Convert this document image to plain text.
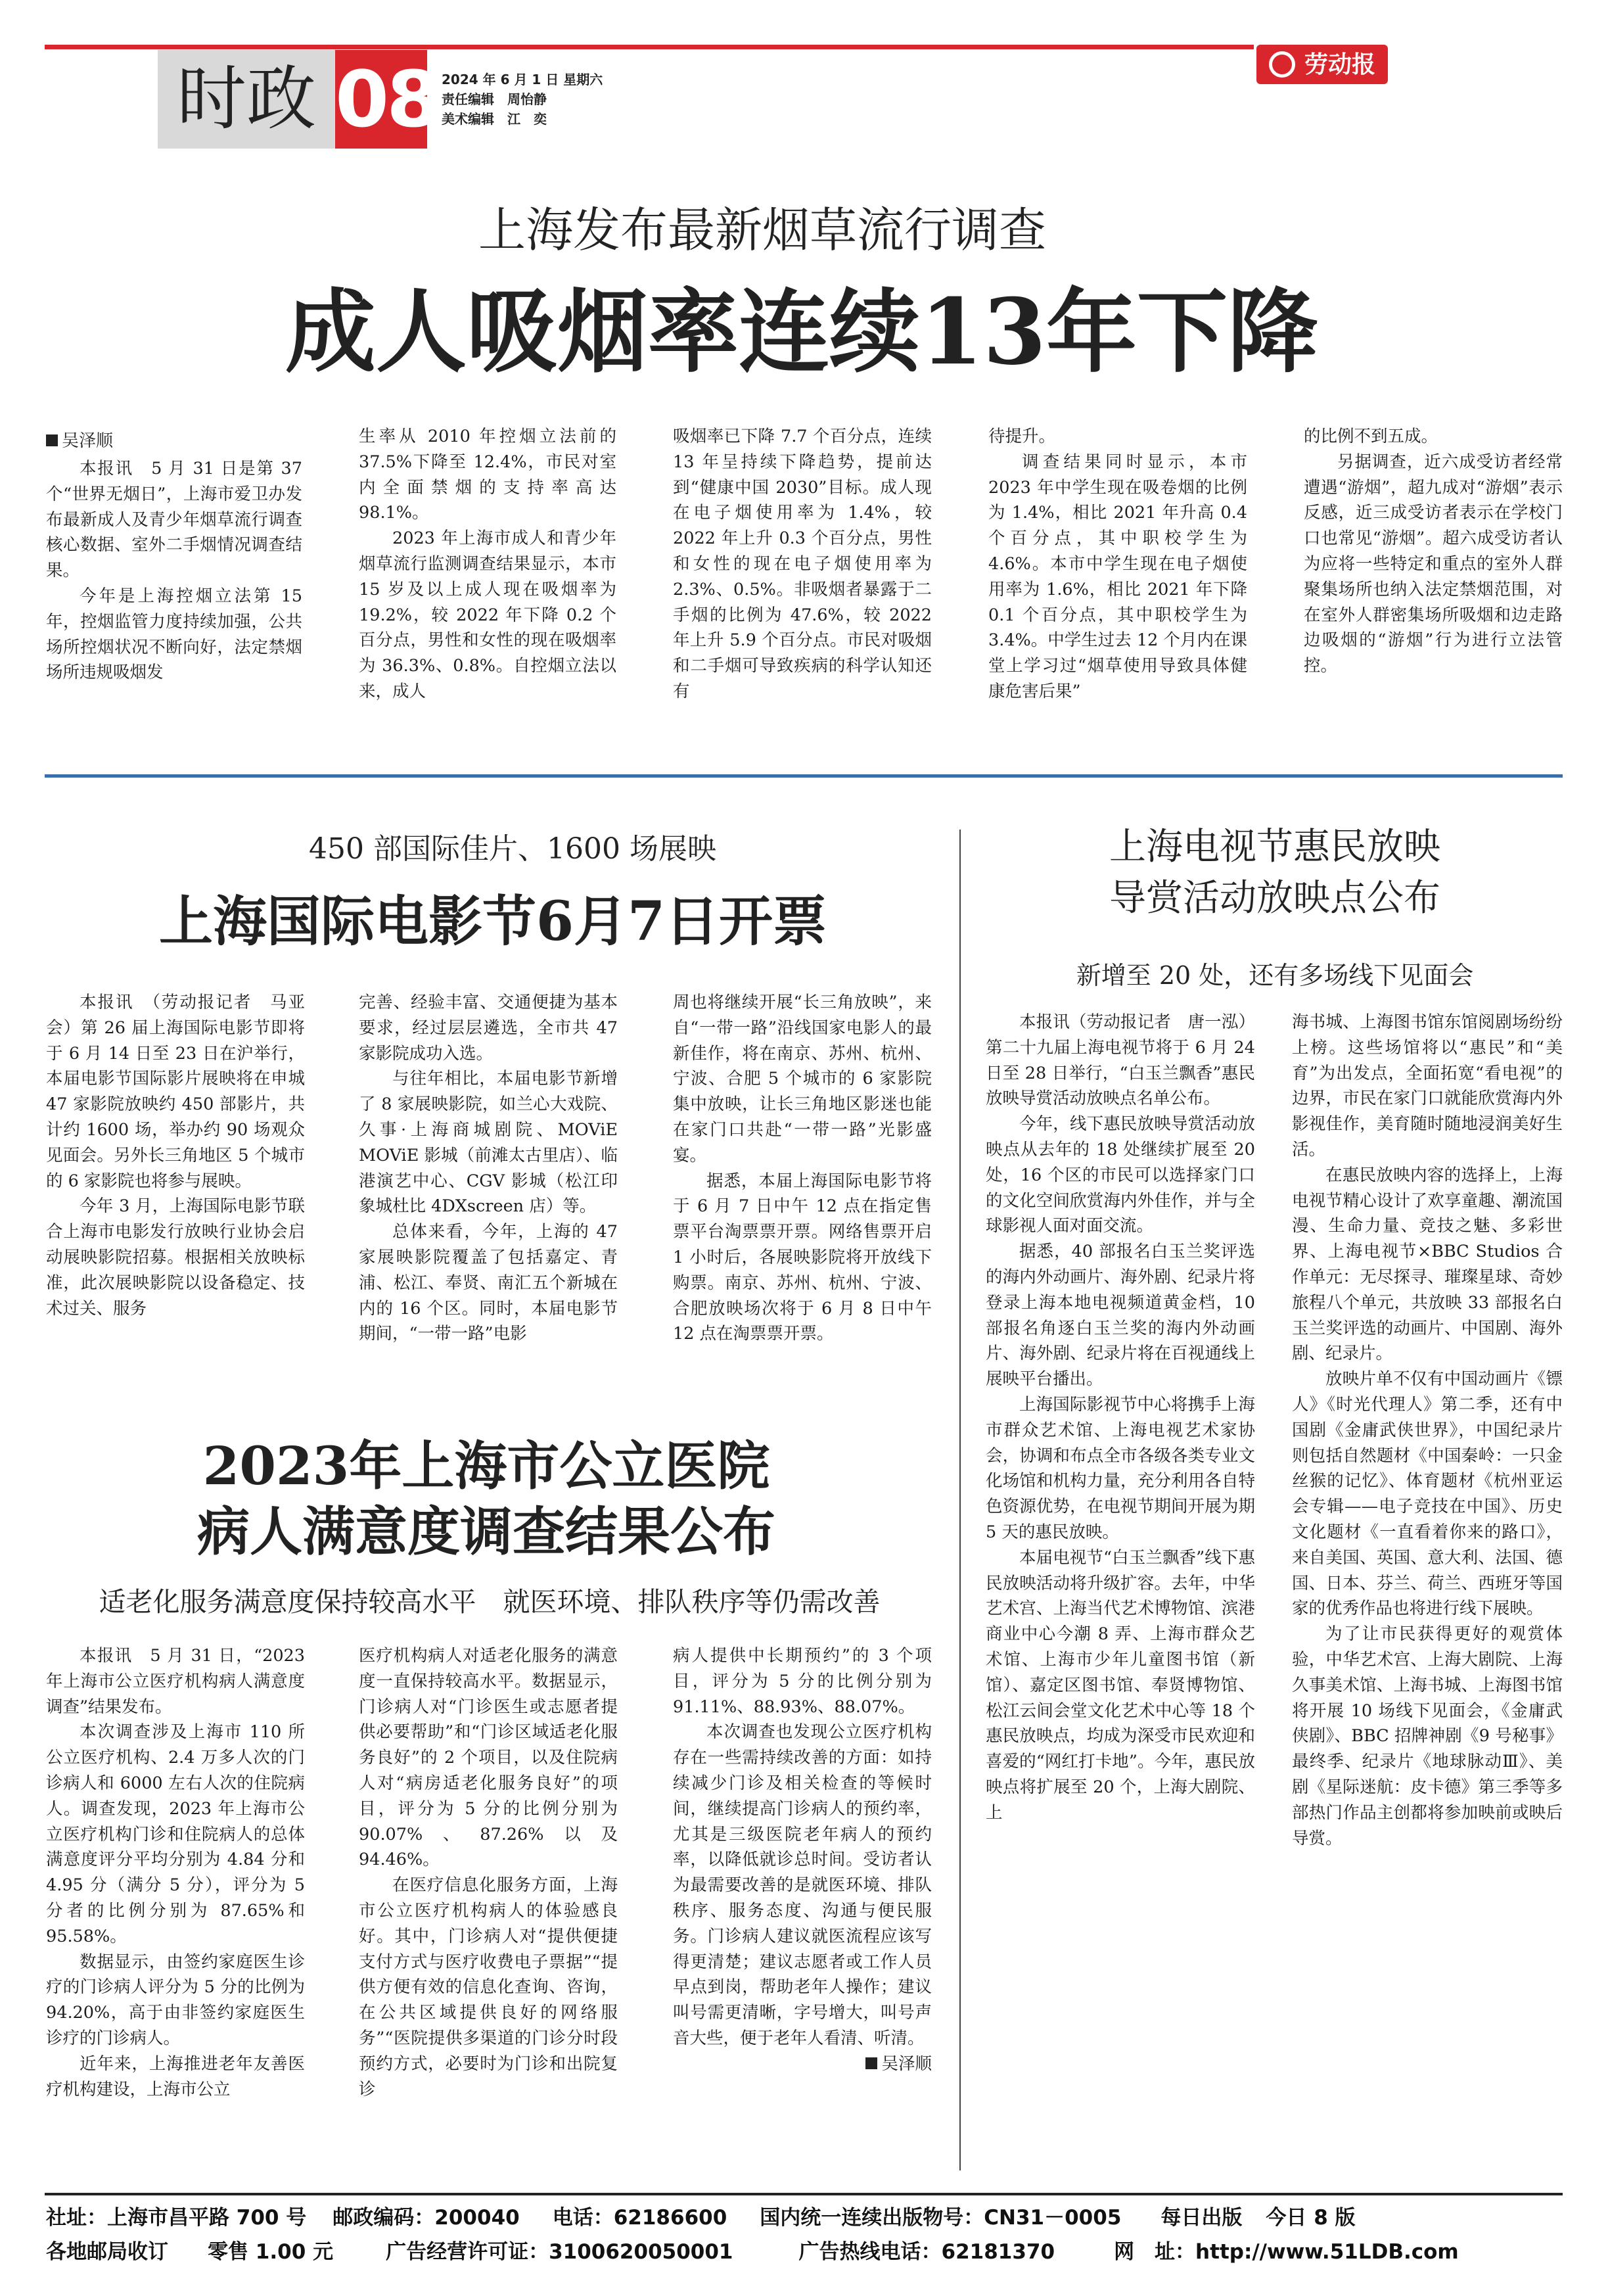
时政 08 2024 年 6 月 1 日 星期六
责任编辑　周怡静
美术编辑　江　奕
劳动报
上海发布最新烟草流行调查
成人吸烟率连续13年下降
吴泽顺

本报讯　5 月 31 日是第 37 个“世界无烟日”，上海市爱卫办发布最新成人及青少年烟草流行调查核心数据、室外二手烟情况调查结果。

今年是上海控烟立法第 15 年，控烟监管力度持续加强，公共场所控烟状况不断向好，法定禁烟场所违规吸烟发

生率从 2010 年控烟立法前的 37.5%下降至 12.4%，市民对室内全面禁烟的支持率高达 98.1%。

2023 年上海市成人和青少年烟草流行监测调查结果显示，本市 15 岁及以上成人现在吸烟率为 19.2%，较 2022 年下降 0.2 个百分点，男性和女性的现在吸烟率为 36.3%、0.8%。自控烟立法以来，成人

吸烟率已下降 7.7 个百分点，连续 13 年呈持续下降趋势，提前达到“健康中国 2030”目标。成人现在电子烟使用率为 1.4%，较 2022 年上升 0.3 个百分点，男性和女性的现在电子烟使用率为 2.3%、0.5%。非吸烟者暴露于二手烟的比例为 47.6%，较 2022 年上升 5.9 个百分点。市民对吸烟和二手烟可导致疾病的科学认知还有

待提升。

调查结果同时显示，本市 2023 年中学生现在吸卷烟的比例为 1.4%，相比 2021 年升高 0.4 个百分点，其中职校学生为 4.6%。本市中学生现在电子烟使用率为 1.6%，相比 2021 年下降 0.1 个百分点，其中职校学生为 3.4%。中学生过去 12 个月内在课堂上学习过“烟草使用导致具体健康危害后果”

的比例不到五成。

另据调查，近六成受访者经常遭遇“游烟”，超九成对“游烟”表示反感，近三成受访者表示在学校门口也常见“游烟”。超六成受访者认为应将一些特定和重点的室外人群聚集场所也纳入法定禁烟范围，对在室外人群密集场所吸烟和边走路边吸烟的“游烟”行为进行立法管控。

450 部国际佳片、1600 场展映
上海国际电影节6月7日开票

本报讯　（劳动报记者　马亚会）第 26 届上海国际电影节即将于 6 月 14 日至 23 日在沪举行，本届电影节国际影片展映将在申城 47 家影院放映约 450 部影片，共计约 1600 场，举办约 90 场观众见面会。另外长三角地区 5 个城市的 6 家影院也将参与展映。

今年 3 月，上海国际电影节联合上海市电影发行放映行业协会启动展映影院招募。根据相关放映标准，此次展映影院以设备稳定、技术过关、服务

完善、经验丰富、交通便捷为基本要求，经过层层遴选，全市共 47 家影院成功入选。

与往年相比，本届电影节新增了 8 家展映影院，如兰心大戏院、久事·上海商城剧院、MOViE MOViE 影城（前滩太古里店）、临港演艺中心、CGV 影城（松江印象城杜比 4DXscreen 店）等。

总体来看，今年，上海的 47 家展映影院覆盖了包括嘉定、青浦、松江、奉贤、南汇五个新城在内的 16 个区。同时，本届电影节期间，“一带一路”电影

周也将继续开展“长三角放映”，来自“一带一路”沿线国家电影人的最新佳作，将在南京、苏州、杭州、宁波、合肥 5 个城市的 6 家影院集中放映，让长三角地区影迷也能在家门口共赴“一带一路”光影盛宴。

据悉，本届上海国际电影节将于 6 月 7 日中午 12 点在指定售票平台淘票票开票。网络售票开启 1 小时后，各展映影院将开放线下购票。南京、苏州、杭州、宁波、合肥放映场次将于 6 月 8 日中午 12 点在淘票票开票。

2023年上海市公立医院
病人满意度调查结果公布
适老化服务满意度保持较高水平　就医环境、排队秩序等仍需改善

本报讯　5 月 31 日，“2023 年上海市公立医疗机构病人满意度调查”结果发布。

本次调查涉及上海市 110 所公立医疗机构、2.4 万多人次的门诊病人和 6000 左右人次的住院病人。调查发现，2023 年上海市公立医疗机构门诊和住院病人的总体满意度评分平均分别为 4.84 分和 4.95 分（满分 5 分），评分为 5 分者的比例分别为 87.65%和 95.58%。

数据显示，由签约家庭医生诊疗的门诊病人评分为 5 分的比例为 94.20%，高于由非签约家庭医生诊疗的门诊病人。

近年来，上海推进老年友善医疗机构建设，上海市公立

医疗机构病人对适老化服务的满意度一直保持较高水平。数据显示，门诊病人对“门诊医生或志愿者提供必要帮助”和“门诊区域适老化服务良好”的 2 个项目，以及住院病人对“病房适老化服务良好”的项目，评分为 5 分的比例分别为 90.07%、87.26%以及 94.46%。

在医疗信息化服务方面，上海市公立医疗机构病人的体验感良好。其中，门诊病人对“提供便捷支付方式与医疗收费电子票据”“提供方便有效的信息化查询、咨询，在公共区域提供良好的网络服务”“医院提供多渠道的门诊分时段预约方式，必要时为门诊和出院复诊

病人提供中长期预约”的 3 个项目，评分为 5 分的比例分别为 91.11%、88.93%、88.07%。

本次调查也发现公立医疗机构存在一些需持续改善的方面：如持续减少门诊及相关检查的等候时间，继续提高门诊病人的预约率，尤其是三级医院老年病人的预约率，以降低就诊总时间。受访者认为最需要改善的是就医环境、排队秩序、服务态度、沟通与便民服务。门诊病人建议就医流程应该写得更清楚；建议志愿者或工作人员早点到岗，帮助老年人操作；建议叫号需更清晰，字号增大，叫号声音大些，便于老年人看清、听清。

吴泽顺

上海电视节惠民放映
导赏活动放映点公布
新增至 20 处，还有多场线下见面会

本报讯（劳动报记者　唐一泓）第二十九届上海电视节将于 6 月 24 日至 28 日举行，“白玉兰飘香”惠民放映导赏活动放映点名单公布。

今年，线下惠民放映导赏活动放映点从去年的 18 处继续扩展至 20 处，16 个区的市民可以选择家门口的文化空间欣赏海内外佳作，并与全球影视人面对面交流。

据悉，40 部报名白玉兰奖评选的海内外动画片、海外剧、纪录片将登录上海本地电视频道黄金档，10 部报名角逐白玉兰奖的海内外动画片、海外剧、纪录片将在百视通线上展映平台播出。

上海国际影视节中心将携手上海市群众艺术馆、上海电视艺术家协会，协调和布点全市各级各类专业文化场馆和机构力量，充分利用各自特色资源优势，在电视节期间开展为期 5 天的惠民放映。

本届电视节“白玉兰飘香”线下惠民放映活动将升级扩容。去年，中华艺术宫、上海当代艺术博物馆、滨港商业中心今潮 8 弄、上海市群众艺术馆、上海市少年儿童图书馆（新馆）、嘉定区图书馆、奉贤博物馆、松江云间会堂文化艺术中心等 18 个惠民放映点，均成为深受市民欢迎和喜爱的“网红打卡地”。今年，惠民放映点将扩展至 20 个，上海大剧院、上

海书城、上海图书馆东馆阅剧场纷纷上榜。这些场馆将以“惠民”和“美育”为出发点，全面拓宽“看电视”的边界，市民在家门口就能欣赏海内外影视佳作，美育随时随地浸润美好生活。

在惠民放映内容的选择上，上海电视节精心设计了欢享童趣、潮流国漫、生命力量、竞技之魅、多彩世界、上海电视节×BBC Studios 合作单元：无尽探寻、璀璨星球、奇妙旅程八个单元，共放映 33 部报名白玉兰奖评选的动画片、中国剧、海外剧、纪录片。

放映片单不仅有中国动画片《镖人》《时光代理人》第二季，还有中国剧《金庸武侠世界》，中国纪录片则包括自然题材《中国秦岭：一只金丝猴的记忆》、体育题材《杭州亚运会专辑——电子竞技在中国》、历史文化题材《一直看着你来的路口》，来自美国、英国、意大利、法国、德国、日本、芬兰、荷兰、西班牙等国家的优秀作品也将进行线下展映。

为了让市民获得更好的观赏体验，中华艺术宫、上海大剧院、上海久事美术馆、上海书城、上海图书馆将开展 10 场线下见面会，《金庸武侠剧》、BBC 招牌神剧《9 号秘事》最终季、纪录片《地球脉动Ⅲ》、美剧《星际迷航：皮卡德》第三季等多部热门作品主创都将参加映前或映后导赏。

社址：上海市昌平路 700 号 邮政编码：200040 电话：62186600 国内统一连续出版物号：CN31－0005 每日出版 今日 8 版
各地邮局收订 零售 1.00 元	广告经营许可证：3100620050001	广告热线电话：62181370	网　址：http://www.51LDB.com
